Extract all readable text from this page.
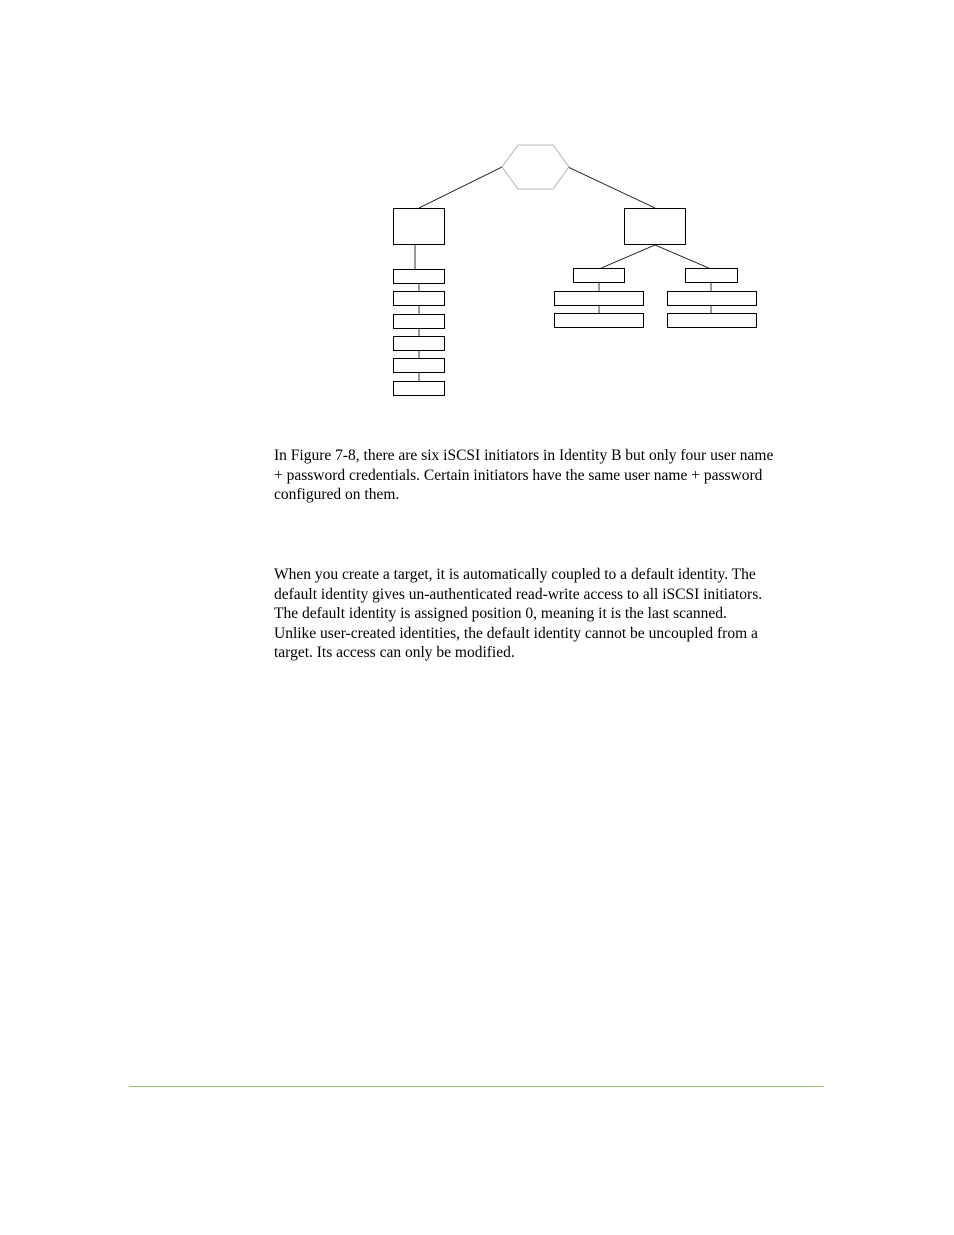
In Figure 7-8, there are six iSCSI initiators in Identity B but only four user name
+ password credentials. Certain initiators have the same user name + password
configured on them.

When you create a target, it is automatically coupled to a default identity. The
default identity gives un-authenticated read-write access to all iSCSI initiators.
The default identity is assigned position 0, meaning it is the last scanned.
Unlike user-created identities, the default identity cannot be uncoupled from a
target. Its access can only be modified.
